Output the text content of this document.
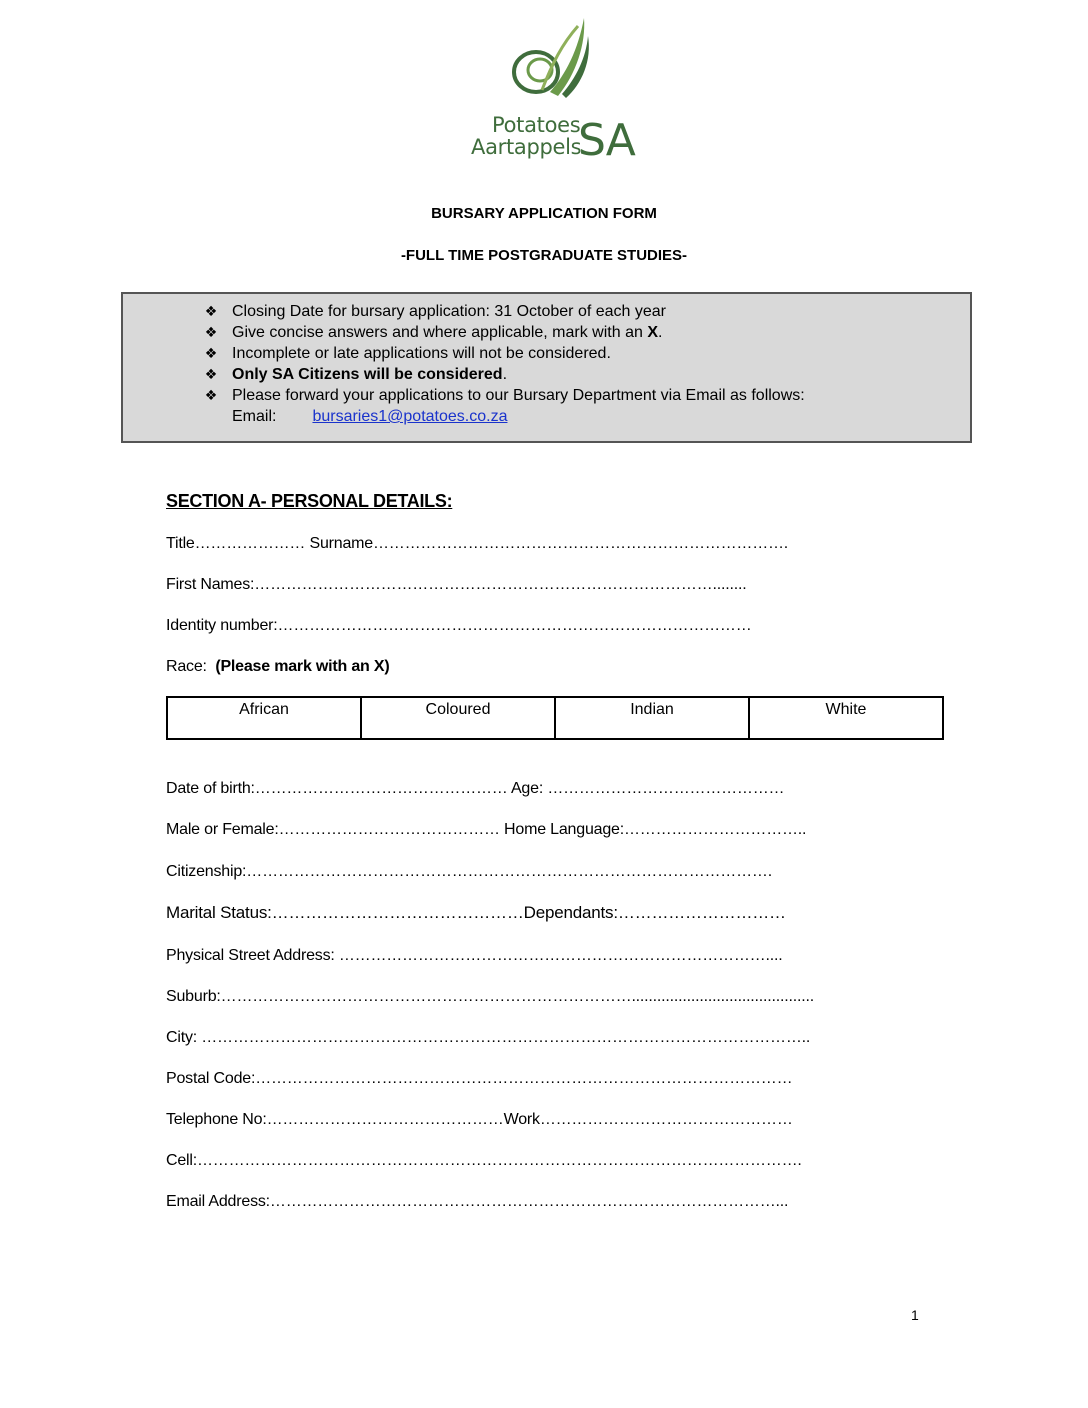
Potatoes
Aartappels
SA
BURSARY APPLICATION FORM
-FULL TIME POSTGRADUATE STUDIES-
❖ Closing Date for bursary application: 31 October of each year
❖ Give concise answers and where applicable, mark with an X.
❖ Incomplete or late applications will not be considered.
❖ Only SA Citizens will be considered.
❖ Please forward your applications to our Bursary Department via Email as follows:
Email: bursaries1@potatoes.co.za
SECTION A- PERSONAL DETAILS:
Title………………… Surname…………………………………………………………………….
First Names:……………………………………………………………………………........
Identity number:………………………………………………………………………………
Race: (Please mark with an X)
African	Coloured	Indian	White
Date of birth:………………………………………… Age: ………………………………………
Male or Female:…………………………………… Home Language:……………………………..
Citizenship:……………………………………………………………………………………….
Marital Status:………………………………………Dependants:…………………………
Physical Street Address: ………………………………………………………………………....
Suburb:……………………………………………………………………...........................................
City: ……………………………………………………………………………………………………..
Postal Code:…………………………………………………………………………………………
Telephone No:………………………………………Work…………………………………………
Cell:…………………………………………………………………………………………………….
Email Address:……………………………………………………………………………………...
1
